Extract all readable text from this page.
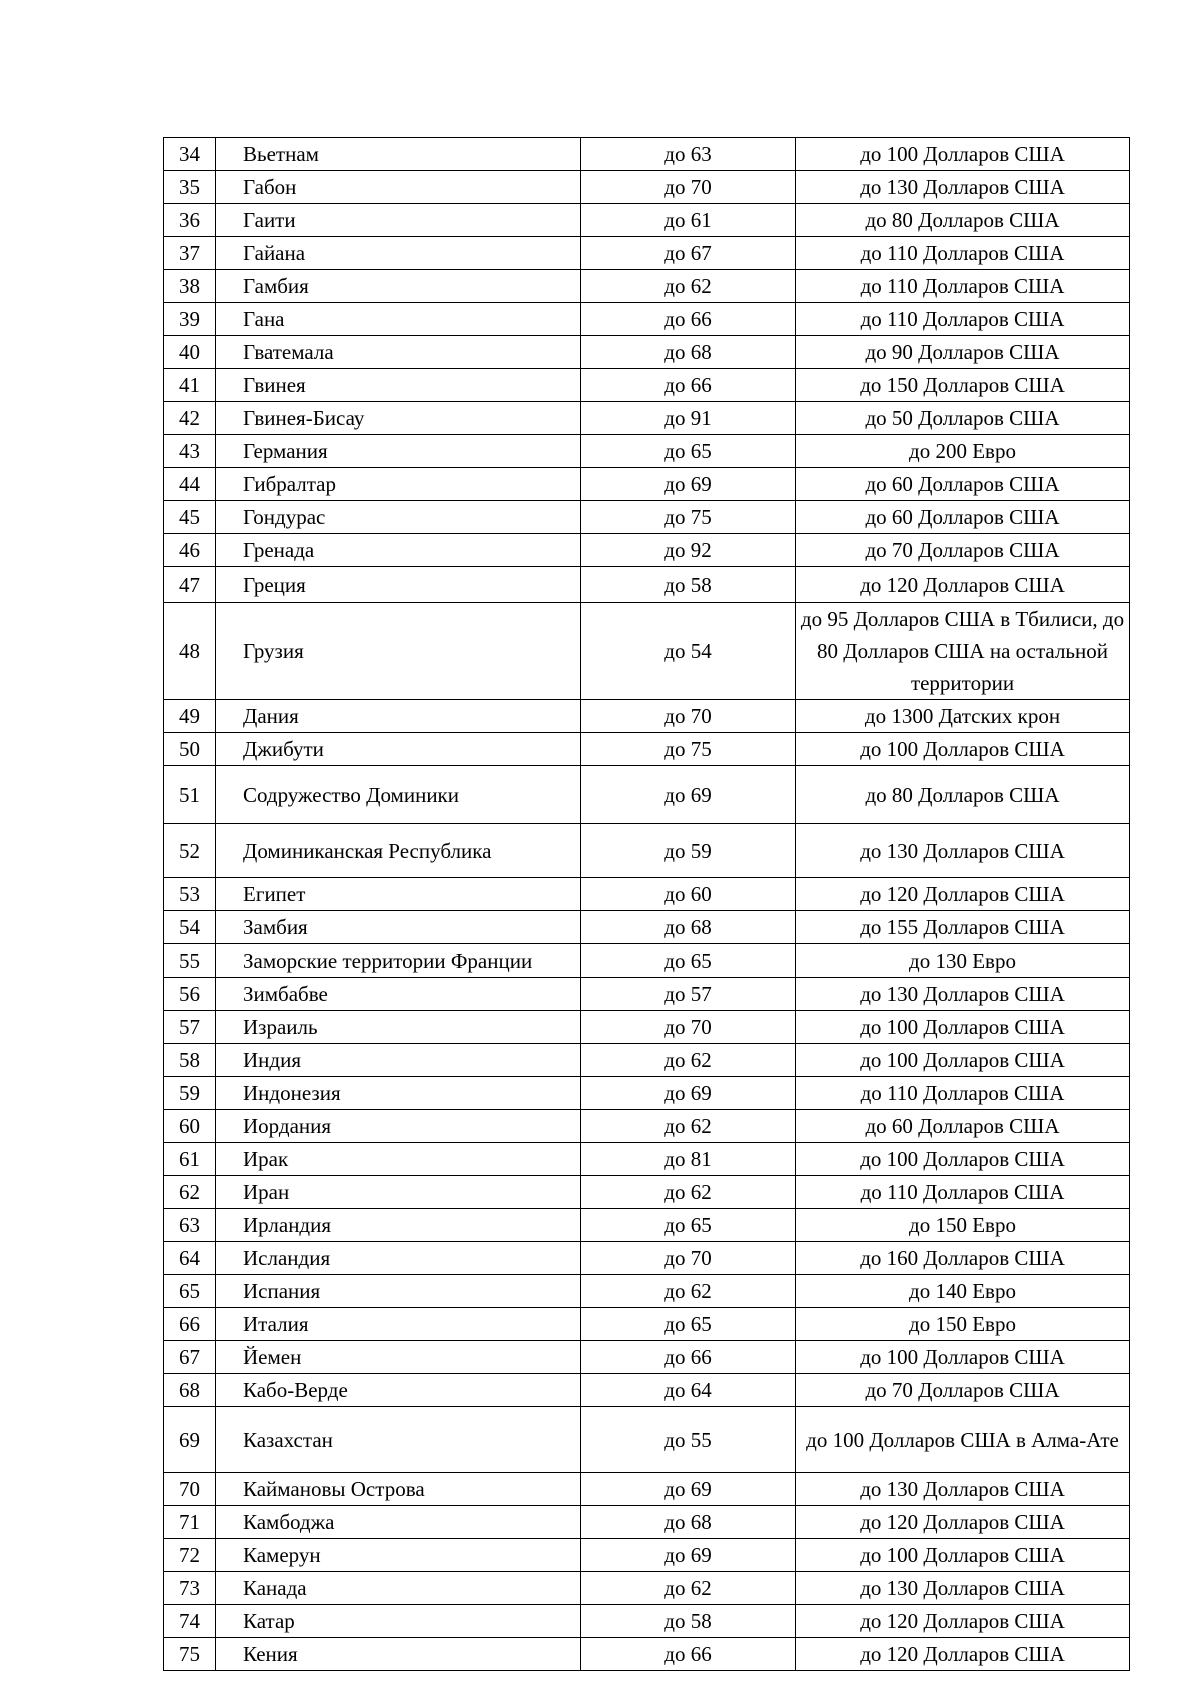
34	Вьетнам	до 63	до 100 Долларов США
35	Габон	до 70	до 130 Долларов США
36	Гаити	до 61	до 80 Долларов США
37	Гайана	до 67	до 110 Долларов США
38	Гамбия	до 62	до 110 Долларов США
39	Гана	до 66	до 110 Долларов США
40	Гватемала	до 68	до 90 Долларов США
41	Гвинея	до 66	до 150 Долларов США
42	Гвинея-Бисау	до 91	до 50 Долларов США
43	Германия	до 65	до 200 Евро
44	Гибралтар	до 69	до 60 Долларов США
45	Гондурас	до 75	до 60 Долларов США
46	Гренада	до 92	до 70 Долларов США
47	Греция	до 58	до 120 Долларов США
48	Грузия	до 54	до 95 Долларов США в Тбилиси, до 80 Долларов США на остальной территории
49	Дания	до 70	до 1300 Датских крон
50	Джибути	до 75	до 100 Долларов США
51	Содружество Доминики	до 69	до 80 Долларов США
52	Доминиканская Республика	до 59	до 130 Долларов США
53	Египет	до 60	до 120 Долларов США
54	Замбия	до 68	до 155 Долларов США
55	Заморские территории Франции	до 65	до 130 Евро
56	Зимбабве	до 57	до 130 Долларов США
57	Израиль	до 70	до 100 Долларов США
58	Индия	до 62	до 100 Долларов США
59	Индонезия	до 69	до 110 Долларов США
60	Иордания	до 62	до 60 Долларов США
61	Ирак	до 81	до 100 Долларов США
62	Иран	до 62	до 110 Долларов США
63	Ирландия	до 65	до 150 Евро
64	Исландия	до 70	до 160 Долларов США
65	Испания	до 62	до 140 Евро
66	Италия	до 65	до 150 Евро
67	Йемен	до 66	до 100 Долларов США
68	Кабо-Верде	до 64	до 70 Долларов США
69	Казахстан	до 55	до 100 Долларов США в Алма-Ате
70	Каймановы Острова	до 69	до 130 Долларов США
71	Камбоджа	до 68	до 120 Долларов США
72	Камерун	до 69	до 100 Долларов США
73	Канада	до 62	до 130 Долларов США
74	Катар	до 58	до 120 Долларов США
75	Кения	до 66	до 120 Долларов США
